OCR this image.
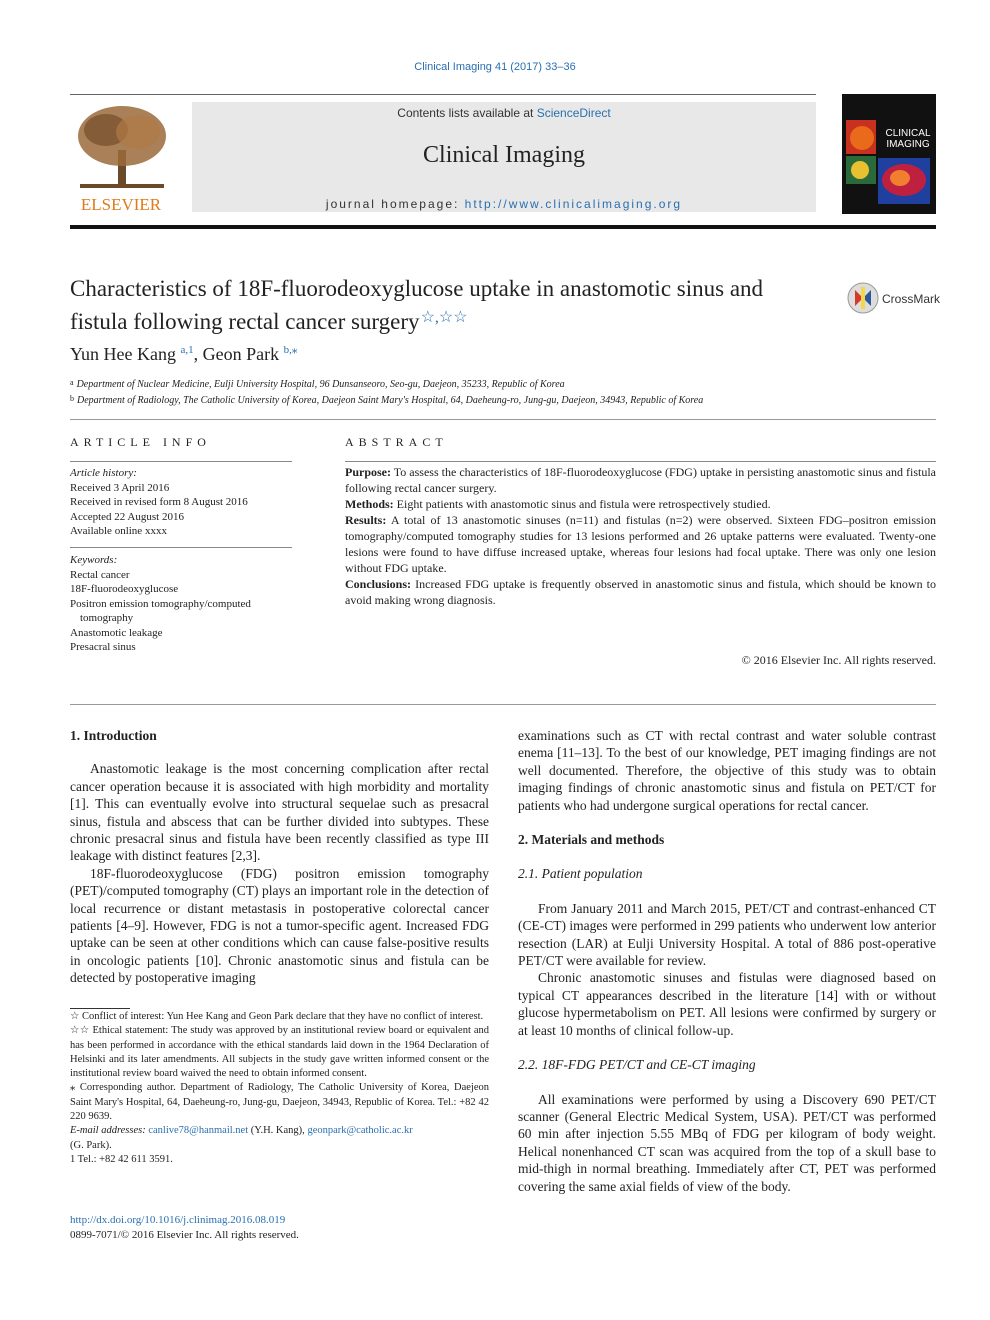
Clinical Imaging 41 (2017) 33–36
ELSEVIER
Contents lists available at ScienceDirect
Clinical Imaging
journal homepage: http://www.clinicalimaging.org
CLINICAL
IMAGING
Characteristics of 18F-fluorodeoxyglucose uptake in anastomotic sinus and fistula following rectal cancer surgery☆,☆☆
CrossMark
Yun Hee Kang $^{a,1}$, Geon Park $^{b,⁎}$
$^a$ Department of Nuclear Medicine, Eulji University Hospital, 96 Dunsanseoro, Seo-gu, Daejeon, 35233, Republic of Korea
$^b$ Department of Radiology, The Catholic University of Korea, Daejeon Saint Mary's Hospital, 64, Daeheung-ro, Jung-gu, Daejeon, 34943, Republic of Korea
ARTICLE INFO	ABSTRACT
Article history:
Received 3 April 2016
Received in revised form 8 August 2016
Accepted 22 August 2016
Available online xxxx
Keywords:
Rectal cancer
18F-fluorodeoxyglucose
Positron emission tomography/computed
tomography
Anastomotic leakage
Presacral sinus

Purpose: To assess the characteristics of 18F-fluorodeoxyglucose (FDG) uptake in persisting anastomotic sinus and fistula following rectal cancer surgery.

Methods: Eight patients with anastomotic sinus and fistula were retrospectively studied.

Results: A total of 13 anastomotic sinuses (n=11) and fistulas (n=2) were observed. Sixteen FDG–positron emission tomography/computed tomography studies for 13 lesions performed and 26 uptake patterns were evaluated. Twenty-one lesions were found to have diffuse increased uptake, whereas four lesions had focal uptake. There was only one lesion without FDG uptake.

Conclusions: Increased FDG uptake is frequently observed in anastomotic sinus and fistula, which should be known to avoid making wrong diagnosis.

© 2016 Elsevier Inc. All rights reserved.

1. Introduction

Anastomotic leakage is the most concerning complication after rectal cancer operation because it is associated with high morbidity and mortality [1]. This can eventually evolve into structural sequelae such as presacral sinus, fistula and abscess that can be further divided into subtypes. These chronic presacral sinus and fistula have been recently classified as type III leakage with distinct features [2,3].

18F-fluorodeoxyglucose (FDG) positron emission tomography (PET)/computed tomography (CT) plays an important role in the detection of local recurrence or distant metastasis in postoperative colorectal cancer patients [4–9]. However, FDG is not a tumor-specific agent. Increased FDG uptake can be seen at other conditions which can cause false-positive results in oncologic patients [10]. Chronic anastomotic sinus and fistula can be detected by postoperative imaging

☆ Conflict of interest: Yun Hee Kang and Geon Park declare that they have no conflict of interest.

☆☆ Ethical statement: The study was approved by an institutional review board or equivalent and has been performed in accordance with the ethical standards laid down in the 1964 Declaration of Helsinki and its later amendments. All subjects in the study gave written informed consent or the institutional review board waived the need to obtain informed consent.

⁎ Corresponding author. Department of Radiology, The Catholic University of Korea, Daejeon Saint Mary's Hospital, 64, Daeheung-ro, Jung-gu, Daejeon, 34943, Republic of Korea. Tel.: +82 42 220 9639.

E-mail addresses: canlive78@hanmail.net (Y.H. Kang), geonpark@catholic.ac.kr
(G. Park).

1 Tel.: +82 42 611 3591.

http://dx.doi.org/10.1016/j.clinimag.2016.08.019
0899-7071/© 2016 Elsevier Inc. All rights reserved.

examinations such as CT with rectal contrast and water soluble contrast enema [11–13]. To the best of our knowledge, PET imaging findings are not well documented. Therefore, the objective of this study was to obtain imaging findings of chronic anastomotic sinus and fistula on PET/CT for patients who had undergone surgical operations for rectal cancer.

2. Materials and methods

2.1. Patient population

From January 2011 and March 2015, PET/CT and contrast-enhanced CT (CE-CT) images were performed in 299 patients who underwent low anterior resection (LAR) at Eulji University Hospital. A total of 886 post-operative PET/CT were available for review.

Chronic anastomotic sinuses and fistulas were diagnosed based on typical CT appearances described in the literature [14] with or without glucose hypermetabolism on PET. All lesions were confirmed by surgery or at least 10 months of clinical follow-up.

2.2. 18F-FDG PET/CT and CE-CT imaging

All examinations were performed by using a Discovery 690 PET/CT scanner (General Electric Medical System, USA). PET/CT was performed 60 min after injection 5.55 MBq of FDG per kilogram of body weight. Helical nonenhanced CT scan was acquired from the top of a skull base to mid-thigh in normal breathing. Immediately after CT, PET was performed covering the same axial fields of view of the body.
